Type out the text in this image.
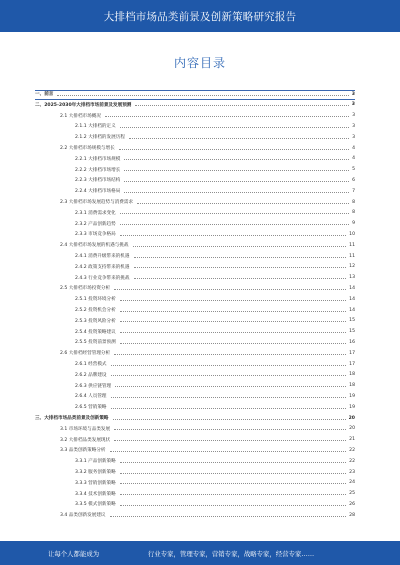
大排档市场品类前景及创新策略研究报告
内容目录
一、前言	3
二、2025-2030年大排档市场前景及发展预测	3
2.1 大排档市场概况	3
2.1.1 大排档的定义	3
2.1.2 大排档的发展历程	3
2.2 大排档市场规模与增长	4
2.2.1 大排档市场规模	4
2.2.2 大排档市场增长	5
2.2.3 大排档市场结构	6
2.2.4 大排档市场格局	7
2.3 大排档市场发展趋势与消费需求	8
2.3.1 消费需求变化	8
2.3.2 产品创新趋势	9
2.3.3 市场竞争格局	10
2.4 大排档市场发展的机遇与挑战	11
2.4.1 消费升级带来的机遇	11
2.4.2 政策支持带来的机遇	12
2.4.3 行业竞争带来的挑战	13
2.5 大排档市场投资分析	14
2.5.1 投资环境分析	14
2.5.2 投资机会分析	14
2.5.3 投资风险分析	15
2.5.4 投资策略建议	15
2.5.5 投资前景预测	16
2.6 大排档经营管理分析	17
2.6.1 经营模式	17
2.6.2 品牌建设	18
2.6.3 供应链管理	18
2.6.4 人员管理	19
2.6.5 营销策略	19
三、大排档市场品类前景及创新策略	20
3.1 市场环境与品类发展	20
3.2 大排档品类发展现状	21
3.3 品类创新策略分析	22
3.3.1 产品创新策略	22
3.3.2 服务创新策略	23
3.3.3 营销创新策略	24
3.3.4 技术创新策略	25
3.3.5 模式创新策略	26
3.4 品类创新发展建议	28
让每个人都能成为	行业专家，管理专家，营销专家，战略专家，经营专家……
